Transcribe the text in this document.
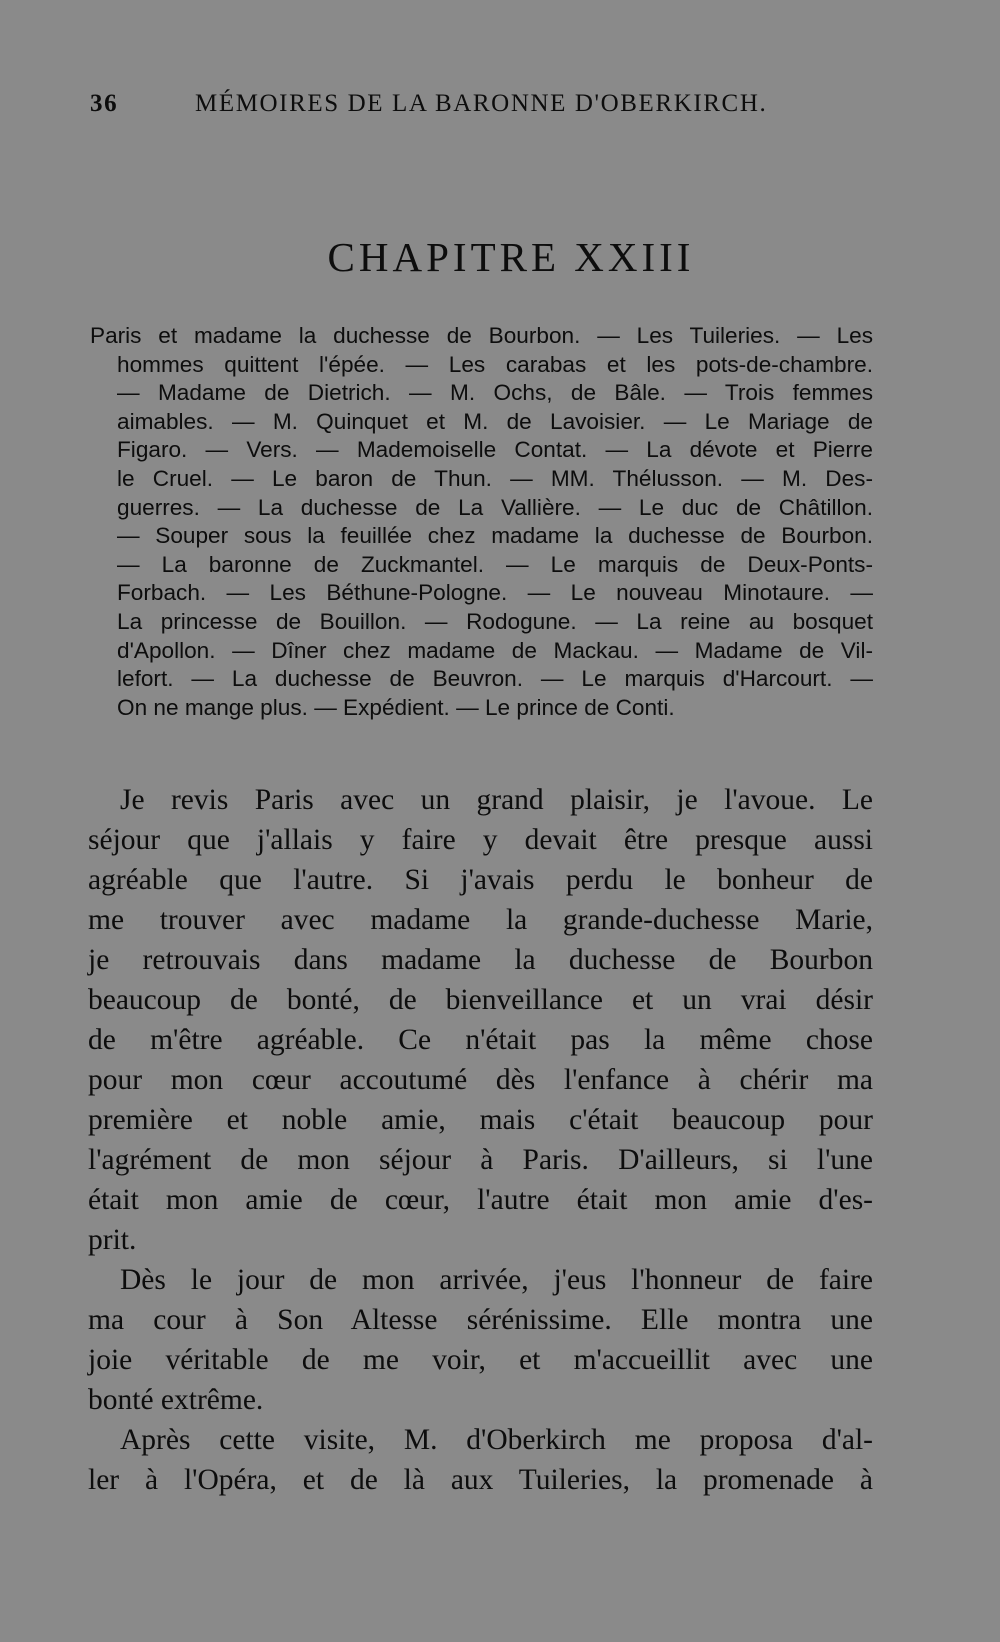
36	MÉMOIRES DE LA BARONNE D'OBERKIRCH.
CHAPITRE XXIII
Paris et madame la duchesse de Bourbon. — Les Tuileries. — Les
hommes quittent l'épée. — Les carabas et les pots-de-chambre.
— Madame de Dietrich. — M. Ochs, de Bâle. — Trois femmes
aimables. — M. Quinquet et M. de Lavoisier. — Le Mariage de
Figaro. — Vers. — Mademoiselle Contat. — La dévote et Pierre
le Cruel. — Le baron de Thun. — MM. Thélusson. — M. Des-
guerres. — La duchesse de La Vallière. — Le duc de Châtillon.
— Souper sous la feuillée chez madame la duchesse de Bourbon.
— La baronne de Zuckmantel. — Le marquis de Deux-Ponts-
Forbach. — Les Béthune-Pologne. — Le nouveau Minotaure. —
La princesse de Bouillon. — Rodogune. — La reine au bosquet
d'Apollon. — Dîner chez madame de Mackau. — Madame de Vil-
lefort. — La duchesse de Beuvron. — Le marquis d'Harcourt. —
On ne mange plus. — Expédient. — Le prince de Conti.
Je revis Paris avec un grand plaisir, je l'avoue. Le
séjour que j'allais y faire y devait être presque aussi
agréable que l'autre. Si j'avais perdu le bonheur de
me trouver avec madame la grande-duchesse Marie,
je retrouvais dans madame la duchesse de Bourbon
beaucoup de bonté, de bienveillance et un vrai désir
de m'être agréable. Ce n'était pas la même chose
pour mon cœur accoutumé dès l'enfance à chérir ma
première et noble amie, mais c'était beaucoup pour
l'agrément de mon séjour à Paris. D'ailleurs, si l'une
était mon amie de cœur, l'autre était mon amie d'es-
prit.
Dès le jour de mon arrivée, j'eus l'honneur de faire
ma cour à Son Altesse sérénissime. Elle montra une
joie véritable de me voir, et m'accueillit avec une
bonté extrême.
Après cette visite, M. d'Oberkirch me proposa d'al-
ler à l'Opéra, et de là aux Tuileries, la promenade à
